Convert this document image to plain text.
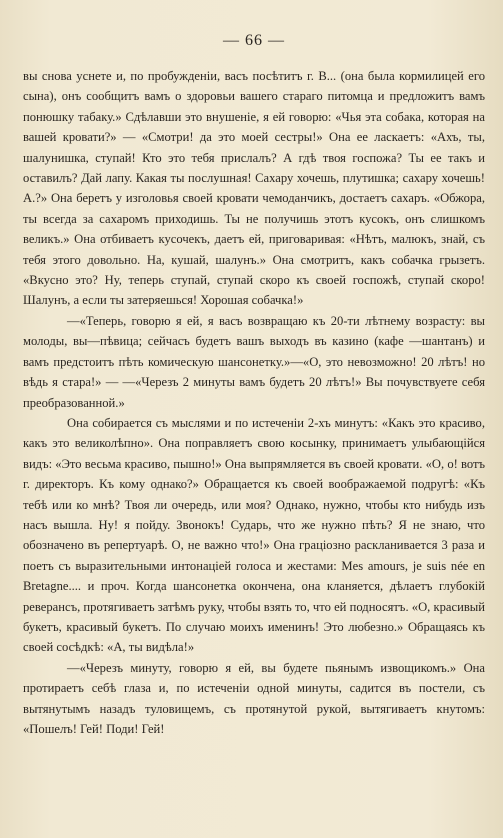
— 66 —

вы снова уснете и, по пробужденіи, васъ посѣтитъ г. В... (она была кормилицей его сына), онъ сообщитъ вамъ о здоровьи вашего стараго питомца и предложитъ вамъ понюшку табаку.» Сдѣлавши это внушеніе, я ей говорю: «Чья эта собака, которая на вашей кровати?» — «Смотри! да это моей сестры!» Она ее ласкаетъ: «Ахъ, ты, шалунишка, ступай! Кто это тебя прислалъ? А гдѣ твоя госпожа? Ты ее такъ и оставилъ? Дай лапу. Какая ты послушная! Сахару хочешь, плутишка; сахару хочешь! А.?» Она беретъ у изголовья своей кровати чемоданчикъ, достаетъ сахаръ. «Обжора, ты всегда за сахаромъ приходишь. Ты не получишь этотъ кусокъ, онъ слишкомъ великъ.» Она отбиваетъ кусочекъ, даетъ ей, приговаривая: «Нѣтъ, малюкъ, знай, съ тебя этого довольно. На, кушай, шалунъ.» Она смотритъ, какъ собачка грызетъ. «Вкусно это? Ну, теперь ступай, ступай скоро къ своей госпожѣ, ступай скоро! Шалунъ, а если ты затеряешься! Хорошая собачка!»

—«Теперь, говорю я ей, я васъ возвращаю къ 20-ти лѣтнему возрасту: вы молоды, вы—пѣвица; сейчасъ будетъ вашъ выходъ въ казино (кафе —шантанъ) и вамъ предстоитъ пѣть комическую шансонетку.»—«О, это невозможно! 20 лѣтъ! но вѣдь я стара!» — —«Черезъ 2 минуты вамъ будетъ 20 лѣтъ!» Вы почувствуете себя преобразованной.»

Она собирается съ мыслями и по истеченіи 2-хъ минутъ: «Какъ это красиво, какъ это великолѣпно». Она поправляетъ свою косынку, принимаетъ улыбающійся видъ: «Это весьма красиво, пышно!» Она выпрямляется въ своей кровати. «О, о! вотъ г. директоръ. Къ кому однако?» Обращается къ своей воображаемой подругѣ: «Къ тебѣ или ко мнѣ? Твоя ли очередь, или моя? Однако, нужно, чтобы кто нибудь изъ насъ вышла. Ну! я пойду. Звонокъ! Сударь, что же нужно пѣть? Я не знаю, что обозначено въ репертуарѣ. О, не важно что!» Она граціозно раскланивается 3 раза и поетъ съ выразительными интонаціей голоса и жестами: Mes amours, je suis née en Bretagne.... и проч. Когда шансонетка окончена, она кланяется, дѣлаетъ глубокій реверансъ, протягиваетъ затѣмъ руку, чтобы взять то, что ей подносятъ. «О, красивый букетъ, красивый букетъ. По случаю моихъ именинъ! Это любезно.» Обращаясь къ своей сосѣдкѣ: «А, ты видѣла!»

—«Черезъ минуту, говорю я ей, вы будете пьянымъ извощикомъ.» Она протираетъ себѣ глаза и, по истеченіи одной минуты, садится въ постели, съ вытянутымъ назадъ туловищемъ, съ протянутой рукой, вытягиваетъ кнутомъ: «Пошелъ! Гей! Поди! Гей!
